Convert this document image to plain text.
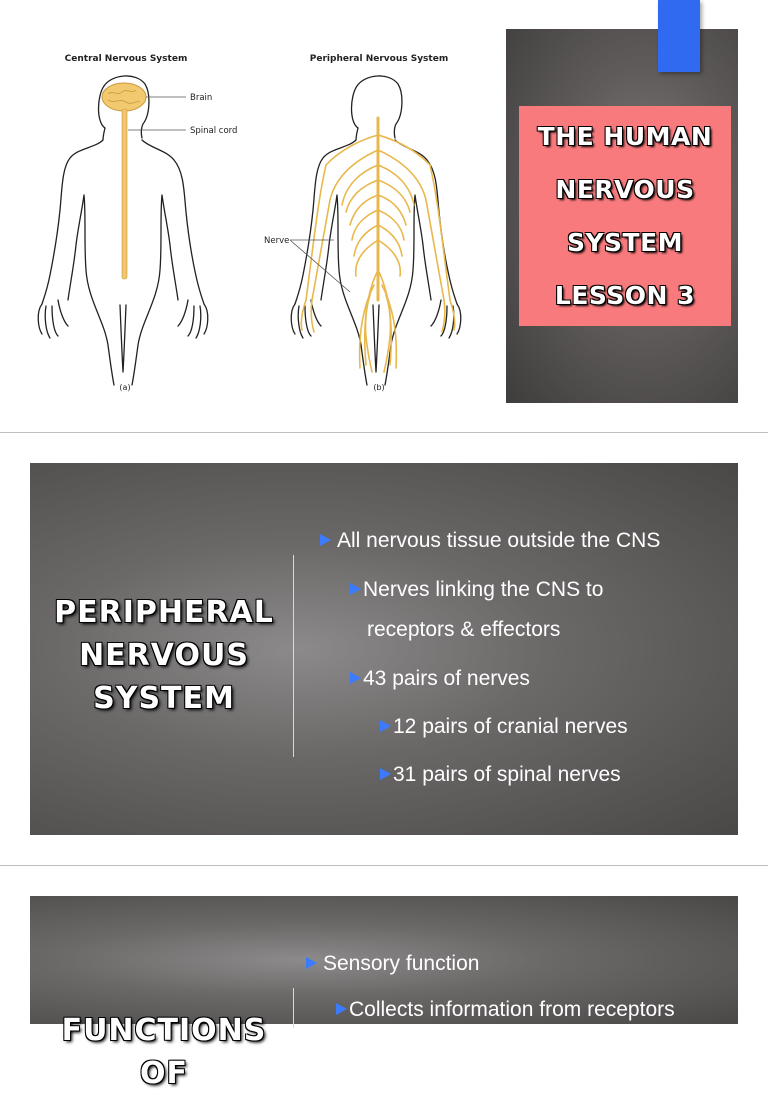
Central Nervous System
Brain
Spinal cord
(a)
Peripheral Nervous System
Nerve
(b)
THE HUMAN
NERVOUS
SYSTEM
LESSON 3
PERIPHERAL
NERVOUS
SYSTEM
All nervous tissue outside the CNS
Nerves linking the CNS to
receptors & effectors
43 pairs of nerves
12 pairs of cranial nerves
31 pairs of spinal nerves
FUNCTIONS OF
Sensory function
Collects information from receptors
